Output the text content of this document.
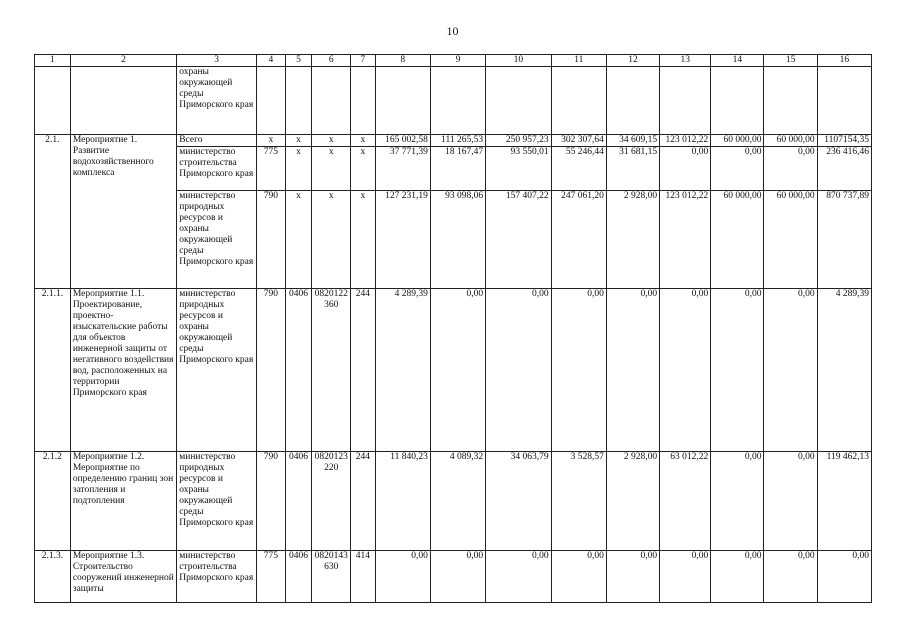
10
1	2	3	4	5	6	7	8	9	10	11	12	13	14	15	16
		охраны окружающей среды Приморского края													
2.1.	Мероприятие 1. Развитие водохозяйственного комплекса	Всего	х	х	х	х	165 002,58	111 265,53	250 957,23	302 307,64	34 609,15	123 012,22	60 000,00	60 000,00	1107154,35
		министерство строительства Приморского края	775	х	х	х	37 771,39	18 167,47	93 550,01	55 246,44	31 681,15	0,00	0,00	0,00	236 416,46
		министерство природных ресурсов и охраны окружающей среды Приморского края	790	х	х	х	127 231,19	93 098,06	157 407,22	247 061,20	2 928,00	123 012,22	60 000,00	60 000,00	870 737,89
2.1.1.	Мероприятие 1.1. Проектирование, проектно-изыскательские работы для объектов инженерной защиты от негативного воздействия вод, расположенных на территории Приморского края	министерство природных ресурсов и охраны окружающей среды Приморского края	790	0406	0820122360	244	4 289,39	0,00	0,00	0,00	0,00	0,00	0,00	0,00	4 289,39
2.1.2	Мероприятие 1.2. Мероприятие по определению границ зон затопления и подтопления	министерство природных ресурсов и охраны окружающей среды Приморского края	790	0406	0820123220	244	11 840,23	4 089,32	34 063,79	3 528,57	2 928,00	63 012,22	0,00	0,00	119 462,13
2.1.3.	Мероприятие 1.3. Строительство сооружений инженерной защиты	министерство строительства Приморского края	775	0406	0820143630	414	0,00	0,00	0,00	0,00	0,00	0,00	0,00	0,00	0,00
